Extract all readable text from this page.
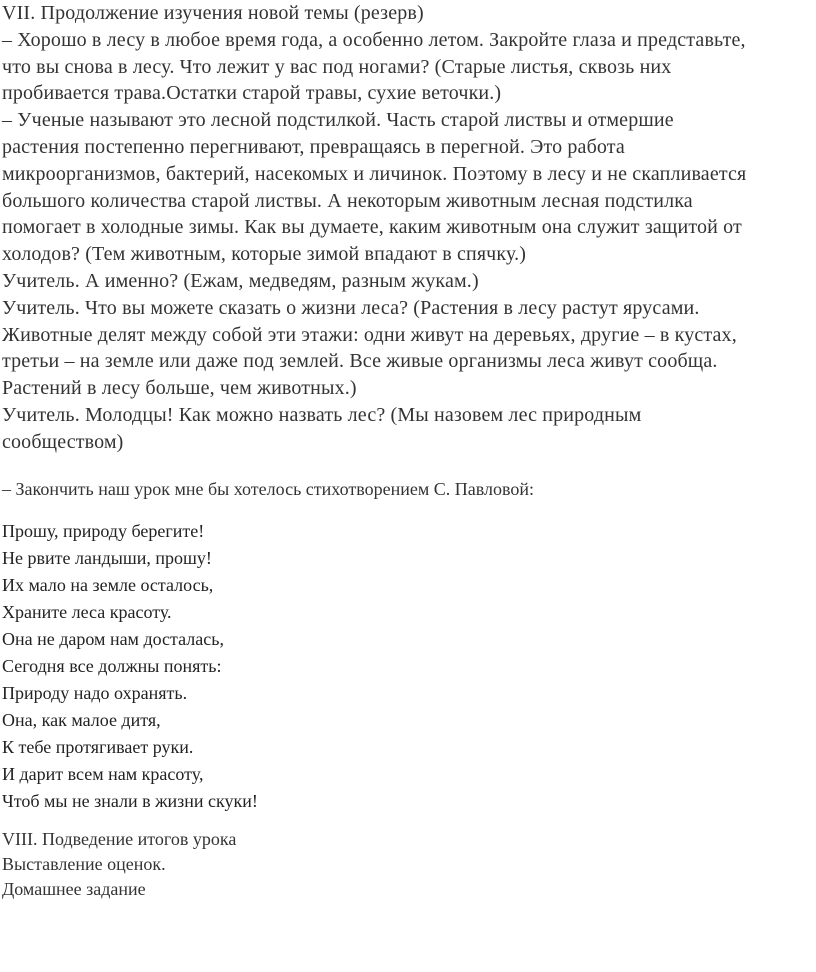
VII. Продолжение изучения новой темы (резерв)
– Хорошо в лесу в любое время года, а особенно летом. Закройте глаза и представьте,
что вы снова в лесу. Что лежит у вас под ногами? (Старые листья, сквозь них
пробивается трава.Остатки старой травы, сухие веточки.)
– Ученые называют это лесной подстилкой. Часть старой листвы и отмершие
растения постепенно перегнивают, превращаясь в перегной. Это работа
микроорганизмов, бактерий, насекомых и личинок. Поэтому в лесу и не скапливается
большого количества старой листвы. А некоторым животным лесная подстилка
помогает в холодные зимы. Как вы думаете, каким животным она служит защитой от
холодов? (Тем животным, которые зимой впадают в спячку.)
Учитель. А именно? (Ежам, медведям, разным жукам.)
Учитель. Что вы можете сказать о жизни леса? (Растения в лесу растут ярусами.
Животные делят между собой эти этажи: одни живут на деревьях, другие – в кустах,
третьи – на земле или даже под землей. Все живые организмы леса живут сообща.
Растений в лесу больше, чем животных.)
Учитель. Молодцы! Как можно назвать лес? (Мы назовем лес природным
сообществом)
– Закончить наш урок мне бы хотелось стихотворением С. Павловой:
Прошу, природу берегите!
Не рвите ландыши, прошу!
Их мало на земле осталось,
Храните леса красоту.
Она не даром нам досталась,
Сегодня все должны понять:
Природу надо охранять.
Она, как малое дитя,
К тебе протягивает руки.
И дарит всем нам красоту,
Чтоб мы не знали в жизни скуки!
VIII. Подведение итогов урока
Выставление оценок.
Домашнее задание
